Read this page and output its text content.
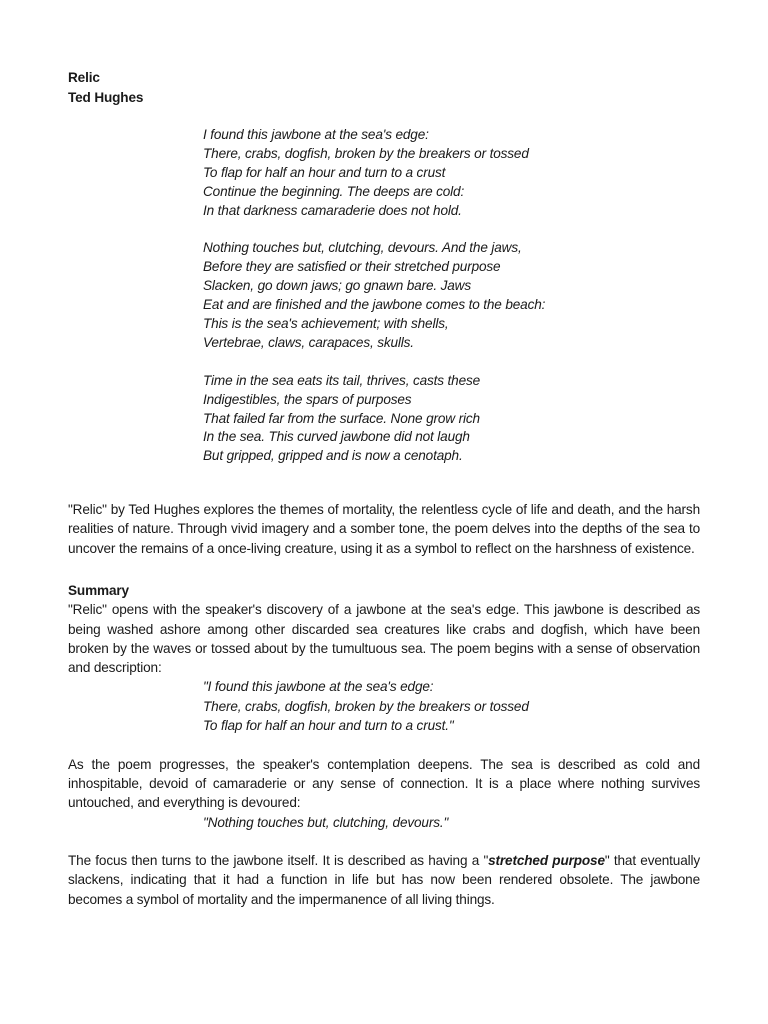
Relic
Ted Hughes
I found this jawbone at the sea's edge:
There, crabs, dogfish, broken by the breakers or tossed
To flap for half an hour and turn to a crust
Continue the beginning. The deeps are cold:
In that darkness camaraderie does not hold.
Nothing touches but, clutching, devours. And the jaws,
Before they are satisfied or their stretched purpose
Slacken, go down jaws; go gnawn bare. Jaws
Eat and are finished and the jawbone comes to the beach:
This is the sea's achievement; with shells,
Vertebrae, claws, carapaces, skulls.
Time in the sea eats its tail, thrives, casts these
Indigestibles, the spars of purposes
That failed far from the surface. None grow rich
In the sea. This curved jawbone did not laugh
But gripped, gripped and is now a cenotaph.

"Relic" by Ted Hughes explores the themes of mortality, the relentless cycle of life and death, and the harsh realities of nature. Through vivid imagery and a somber tone, the poem delves into the depths of the sea to uncover the remains of a once-living creature, using it as a symbol to reflect on the harshness of existence.

Summary

"Relic" opens with the speaker's discovery of a jawbone at the sea's edge. This jawbone is described as being washed ashore among other discarded sea creatures like crabs and dogfish, which have been broken by the waves or tossed about by the tumultuous sea. The poem begins with a sense of observation and description:

"I found this jawbone at the sea's edge:
There, crabs, dogfish, broken by the breakers or tossed
To flap for half an hour and turn to a crust."

As the poem progresses, the speaker's contemplation deepens. The sea is described as cold and inhospitable, devoid of camaraderie or any sense of connection. It is a place where nothing survives untouched, and everything is devoured:

"Nothing touches but, clutching, devours."

The focus then turns to the jawbone itself. It is described as having a "stretched purpose" that eventually slackens, indicating that it had a function in life but has now been rendered obsolete. The jawbone becomes a symbol of mortality and the impermanence of all living things.
